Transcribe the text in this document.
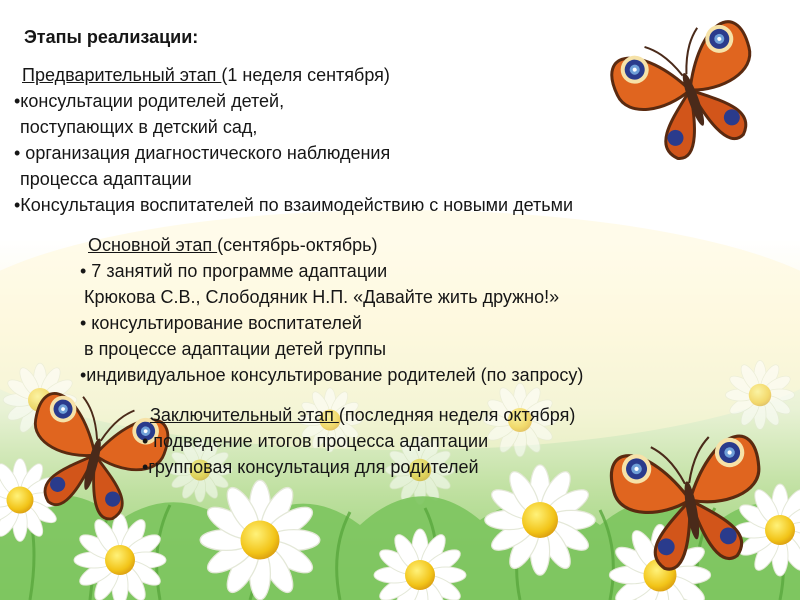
Этапы реализации:
Предварительный этап (1 неделя сентября)
•консультации родителей детей,
поступающих в детский сад,
• организация диагностического наблюдения
процесса адаптации
•Консультация воспитателей по взаимодействию с новыми детьми
Основной этап (сентябрь-октябрь)
• 7 занятий по программе адаптации
Крюкова С.В., Слободяник Н.П. «Давайте жить дружно!»
• консультирование воспитателей
в процессе адаптации детей группы
•индивидуальное консультирование родителей (по запросу)
Заключительный этап (последняя неделя октября)
• подведение итогов процесса адаптации
•групповая консультация для родителей
